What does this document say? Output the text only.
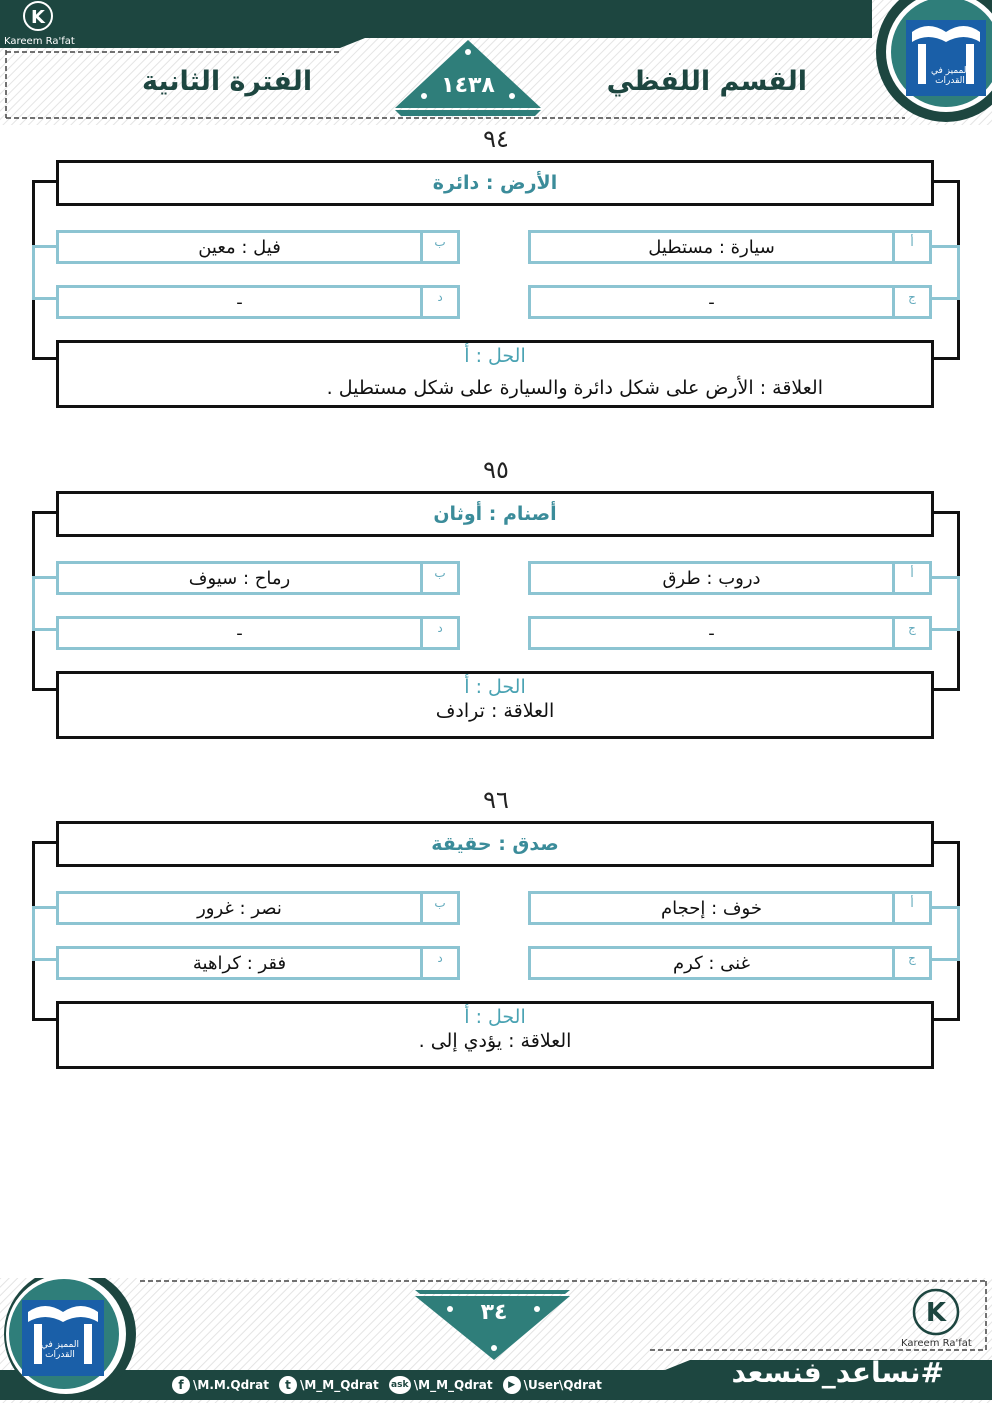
K
Kareem Ra'fat
القسم اللفظي
الفترة الثانية	١٤٣٨
المميز في القدرات
٩٤
الأرض : دائرة
أ
سيارة : مستطيل
ب
فيل : معين
ج
-
د
-
الحل : أ
العلاقة : الأرض على شكل دائرة والسيارة على شكل مستطيل .
٩٥
أصنام : أوثان
أ
دروب : طرق
ب
رماح : سيوف
ج
-
د
-
الحل : أ
العلاقة : ترادف
٩٦
صدق : حقيقة
أ
خوف : إحجام
ب
نصر : غرور
ج
غنى : كرم
د
فقر : كراهية
الحل : أ
العلاقة : يؤدي إلى .
المميز في القدرات
٣٤	K
Kareem Ra'fat
#نساعد_فنسعد
f \M.M.Qdrat	t \M_M_Qdrat ask \M_M_Qdrat	▶ \User\Qdrat
